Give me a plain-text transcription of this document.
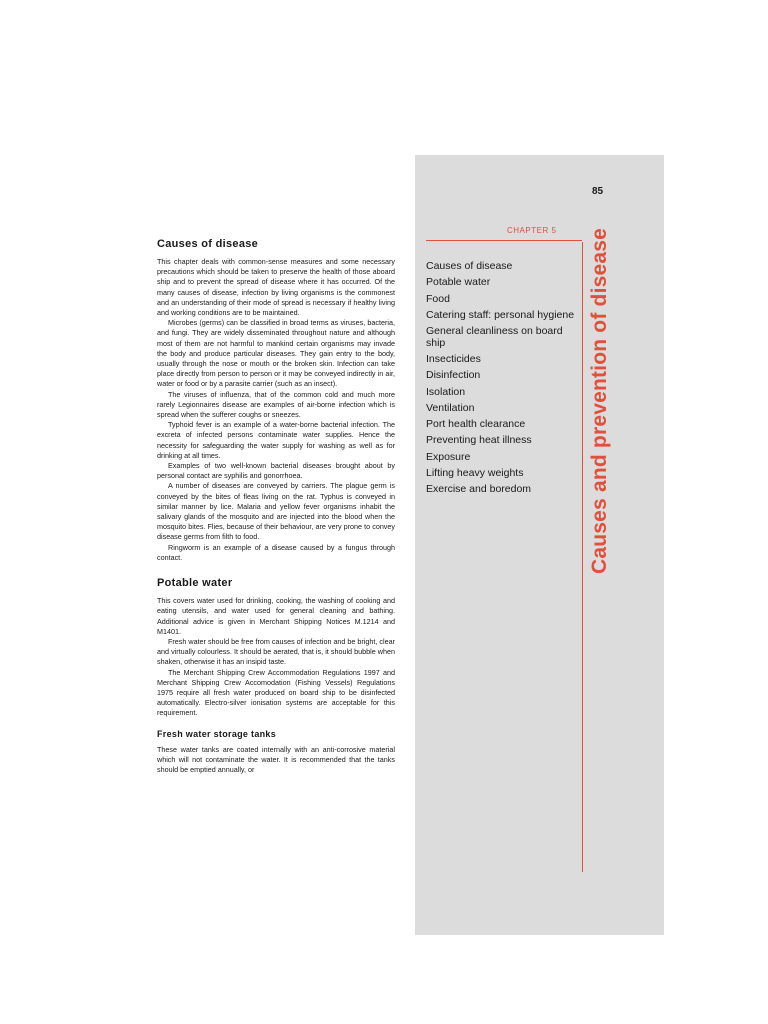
85
CHAPTER 5 Causes and prevention of disease
Causes of disease
Potable water
Food
Catering staff: personal hygiene
General cleanliness on board ship
Insecticides
Disinfection
Isolation
Ventilation
Port health clearance
Preventing heat illness
Exposure
Lifting heavy weights
Exercise and boredom
Causes of disease

This chapter deals with common-sense measures and some necessary precautions which should be taken to preserve the health of those aboard ship and to prevent the spread of disease where it has occurred. Of the many causes of disease, infection by living organisms is the commonest and an understanding of their mode of spread is necessary if healthy living and working conditions are to be maintained.

Microbes (germs) can be classified in broad terms as viruses, bacteria, and fungi. They are widely disseminated throughout nature and although most of them are not harmful to mankind certain organisms may invade the body and produce particular diseases. They gain entry to the body, usually through the nose or mouth or the broken skin. Infection can take place directly from person to person or it may be conveyed indirectly in air, water or food or by a parasite carrier (such as an insect).

The viruses of influenza, that of the common cold and much more rarely Legionnaires disease are examples of air-borne infection which is spread when the sufferer coughs or sneezes.

Typhoid fever is an example of a water-borne bacterial infection. The excreta of infected persons contaminate water supplies. Hence the necessity for safeguarding the water supply for washing as well as for drinking at all times.

Examples of two well-known bacterial diseases brought about by personal contact are syphilis and gonorrhoea.

A number of diseases are conveyed by carriers. The plague germ is conveyed by the bites of fleas living on the rat. Typhus is conveyed in similar manner by lice. Malaria and yellow fever organisms inhabit the salivary glands of the mosquito and are injected into the blood when the mosquito bites. Flies, because of their behaviour, are very prone to convey disease germs from filth to food.

Ringworm is an example of a disease caused by a fungus through contact.

Potable water

This covers water used for drinking, cooking, the washing of cooking and eating utensils, and water used for general cleaning and bathing. Additional advice is given in Merchant Shipping Notices M.1214 and M1401.

Fresh water should be free from causes of infection and be bright, clear and virtually colourless. It should be aerated, that is, it should bubble when shaken, otherwise it has an insipid taste.

The Merchant Shipping Crew Accommodation Regulations 1997 and Merchant Shipping Crew Accomodation (Fishing Vessels) Regulations 1975 require all fresh water produced on board ship to be disinfected automatically. Electro-silver ionisation systems are acceptable for this requirement.

Fresh water storage tanks

These water tanks are coated internally with an anti-corrosive material which will not contaminate the water. It is recommended that the tanks should be emptied annually, or
